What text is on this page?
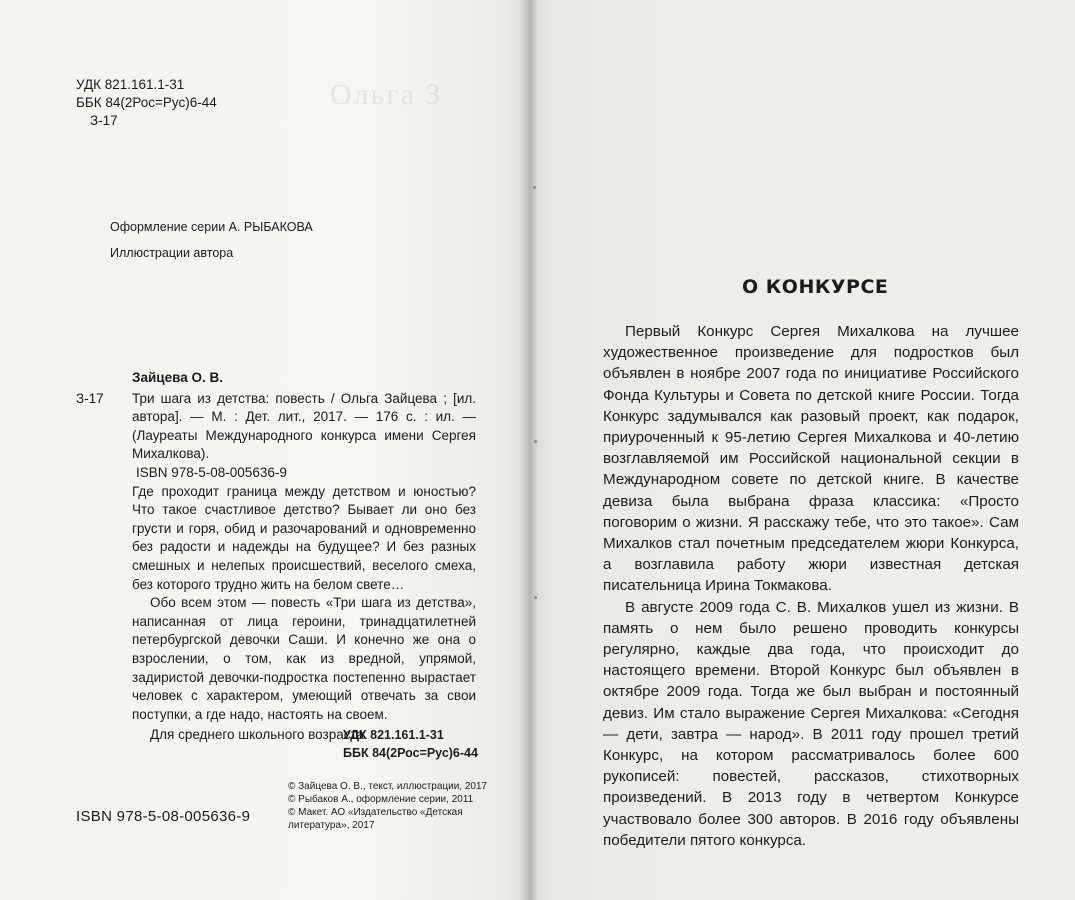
Ольга З

УДК 821.161.1-31
ББК 84(2Рос=Рус)6-44
З-17
Оформление серии А. РЫБАКОВА
Иллюстрации автора
Зайцева О. В.
З-17 Три шага из детства: повесть / Ольга Зайцева ; [ил. автора]. — М. : Дет. лит., 2017. — 176 с. : ил. — (Лауреаты Международного конкурса имени Сергея Михалкова).
ISBN 978-5-08-005636-9

Где проходит граница между детством и юностью? Что такое счастливое детство? Бывает ли оно без грусти и горя, обид и разочарований и одновременно без радости и надежды на будущее? И без разных смешных и нелепых происшествий, веселого смеха, без которого трудно жить на белом свете…

Обо всем этом — повесть «Три шага из детства», написанная от лица героини, тринадцатилетней петербургской девочки Саши. И конечно же она о взрослении, о том, как из вредной, упрямой, задиристой девочки-подростка постепенно вырастает человек с характером, умеющий отвечать за свои поступки, а где надо, настоять на своем.

Для среднего школьного возраста.
УДК 821.161.1-31
ББК 84(2Рос=Рус)6-44
© Зайцева О. В., текст, иллюстрации, 2017
© Рыбаков А., оформление серии, 2011
© Макет. АО «Издательство «Детская литература», 2017
ISBN 978-5-08-005636-9
О КОНКУРСЕ

Первый Конкурс Сергея Михалкова на лучшее художественное произведение для подростков был объявлен в ноябре 2007 года по инициативе Российского Фонда Культуры и Совета по детской книге России. Тогда Конкурс задумывался как разовый проект, как подарок, приуроченный к 95-летию Сергея Михалкова и 40-летию возглавляемой им Российской национальной секции в Международном совете по детской книге. В качестве девиза была выбрана фраза классика: «Просто поговорим о жизни. Я расскажу тебе, что это такое». Сам Михалков стал почетным председателем жюри Конкурса, а возглавила работу жюри известная детская писательница Ирина Токмакова.

В августе 2009 года С. В. Михалков ушел из жизни. В память о нем было решено проводить конкурсы регулярно, каждые два года, что происходит до настоящего времени. Второй Конкурс был объявлен в октябре 2009 года. Тогда же был выбран и постоянный девиз. Им стало выражение Сергея Михалкова: «Сегодня — дети, завтра — народ». В 2011 году прошел третий Конкурс, на котором рассматривалось более 600 рукописей: повестей, рассказов, стихотворных произведений. В 2013 году в четвертом Конкурсе участвовало более 300 авторов. В 2016 году объявлены победители пятого конкурса.
